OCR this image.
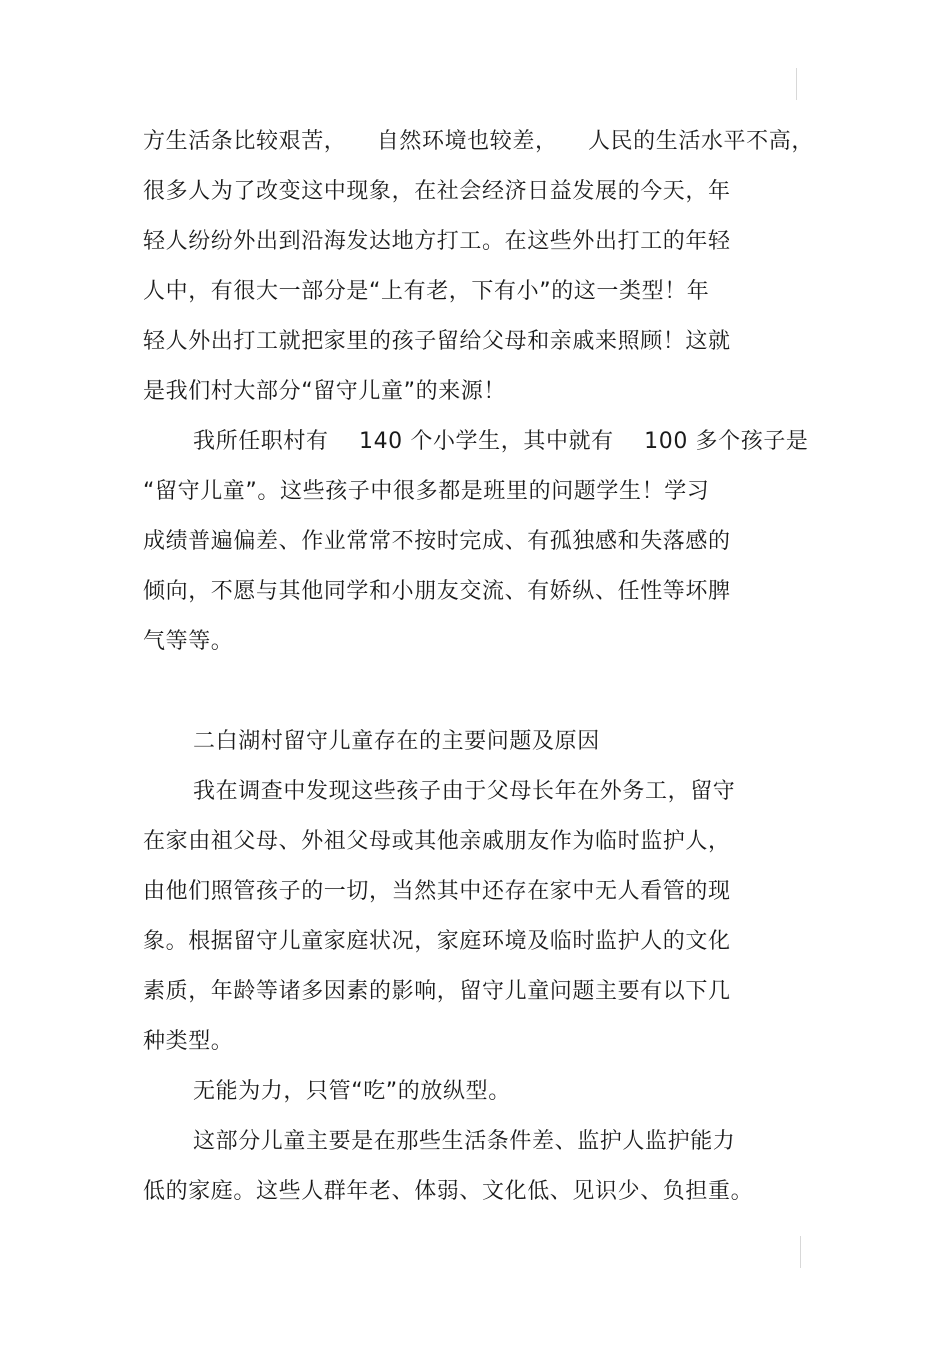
方生活条比较艰苦，    自然环境也较差，    人民的生活水平不高，
很多人为了改变这中现象，在社会经济日益发展的今天，年
轻人纷纷外出到沿海发达地方打工。在这些外出打工的年轻
人中，有很大一部分是“上有老，下有小”的这一类型！年
轻人外出打工就把家里的孩子留给父母和亲戚来照顾！这就
是我们村大部分“留守儿童”的来源！
我所任职村有    140 个小学生，其中就有    100 多个孩子是
“留守儿童”。这些孩子中很多都是班里的问题学生！学习
成绩普遍偏差、作业常常不按时完成、有孤独感和失落感的
倾向，不愿与其他同学和小朋友交流、有娇纵、任性等坏脾
气等等。
二白湖村留守儿童存在的主要问题及原因
我在调查中发现这些孩子由于父母长年在外务工，留守
在家由祖父母、外祖父母或其他亲戚朋友作为临时监护人，
由他们照管孩子的一切，当然其中还存在家中无人看管的现
象。根据留守儿童家庭状况，家庭环境及临时监护人的文化
素质，年龄等诸多因素的影响，留守儿童问题主要有以下几
种类型。
无能为力，只管“吃”的放纵型。
这部分儿童主要是在那些生活条件差、监护人监护能力
低的家庭。这些人群年老、体弱、文化低、见识少、负担重。
